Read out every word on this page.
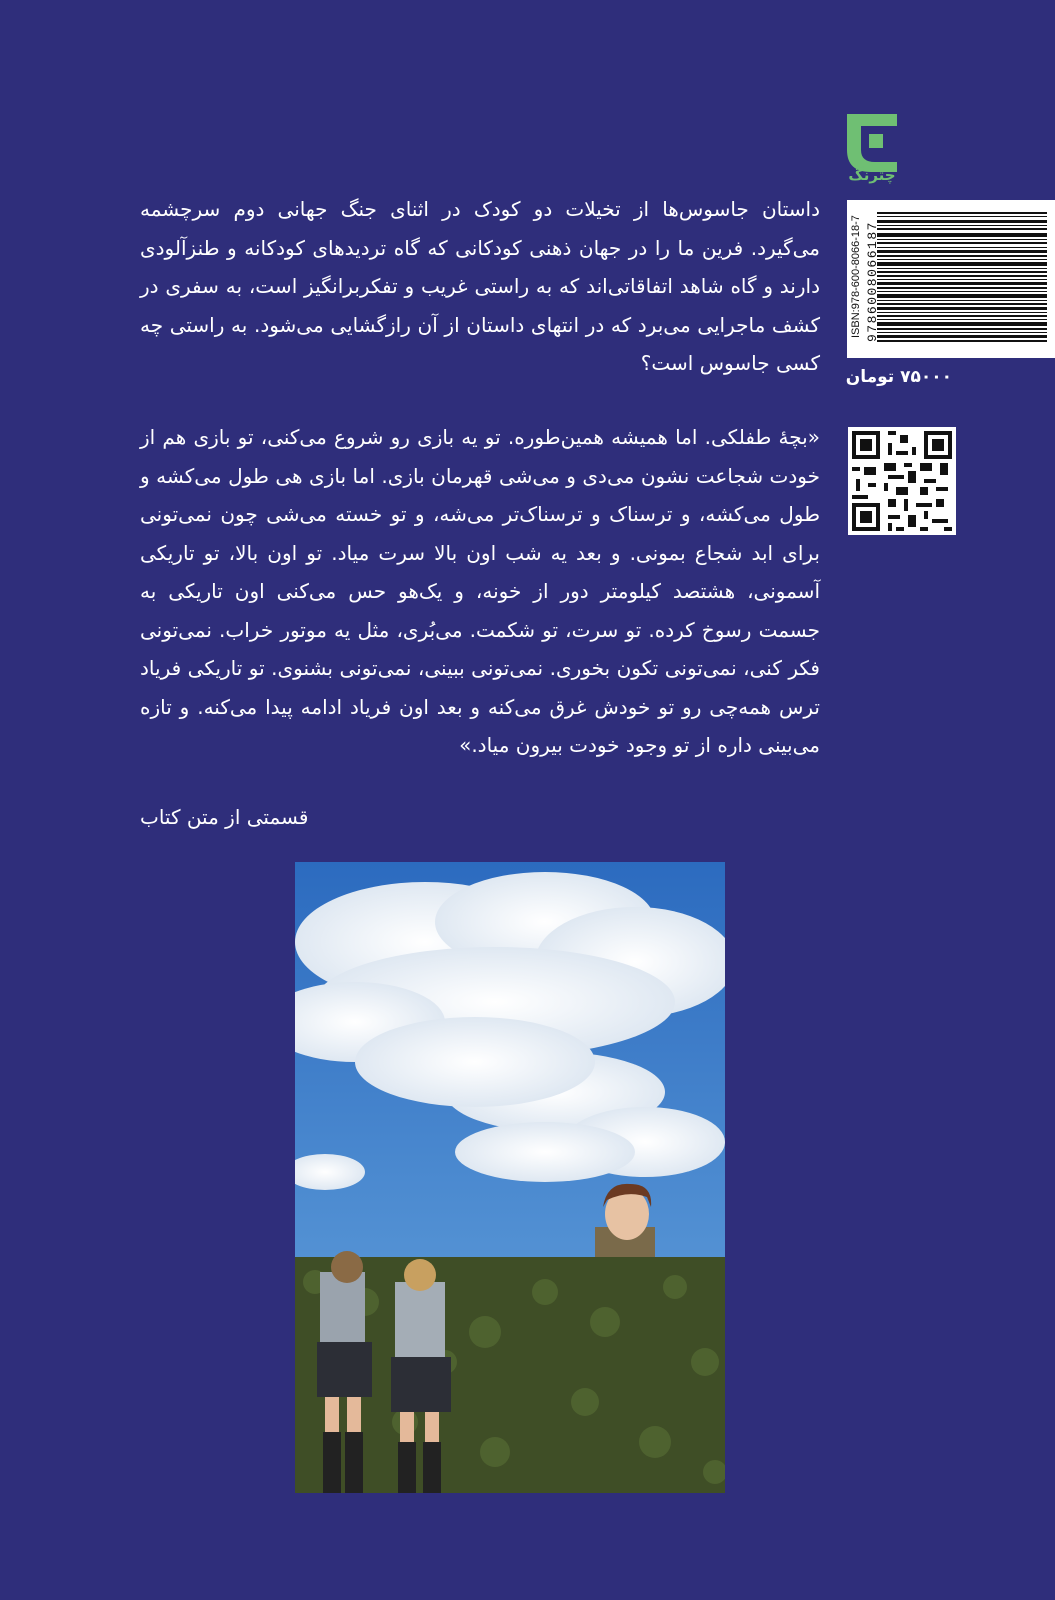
چترنگ
ISBN:978-600-8066-18-7 9786008066187
۷۵۰۰۰ تومان
داستان جاسوس‌ها از تخیلات دو کودک در اثنای جنگ جهانی دوم سرچشمه می‌گیرد. فرین ما را در جهان ذهنی کودکانی که گاه تردیدهای کودکانه و طنزآلودی دارند و گاه شاهد اتفاقاتی‌اند که به راستی غریب و تفکربرانگیز است، به سفری در کشف ماجرایی می‌برد که در انتهای داستان از آن رازگشایی می‌شود. به راستی چه کسی جاسوس است؟
«بچهٔ طفلکی. اما همیشه همین‌طوره. تو یه بازی رو شروع می‌کنی، تو بازی هم از خودت شجاعت نشون می‌دی و می‌شی قهرمان بازی. اما بازی هی طول می‌کشه و طول می‌کشه، و ترسناک و ترسناک‌تر می‌شه، و تو خسته می‌شی چون نمی‌تونی برای ابد شجاع بمونی. و بعد یه شب اون بالا سرت میاد. تو اون بالا، تو تاریکی آسمونی، هشتصد کیلومتر دور از خونه، و یک‌هو حس می‌کنی اون تاریکی به جسمت رسوخ کرده. تو سرت، تو شکمت. می‌بُری، مثل یه موتور خراب. نمی‌تونی فکر کنی، نمی‌تونی تکون بخوری. نمی‌تونی ببینی، نمی‌تونی بشنوی. تو تاریکی فریاد ترس همه‌چی رو تو خودش غرق می‌کنه و بعد اون فریاد ادامه پیدا می‌کنه. و تازه می‌بینی داره از تو وجود خودت بیرون میاد.»
قسمتی از متن کتاب
